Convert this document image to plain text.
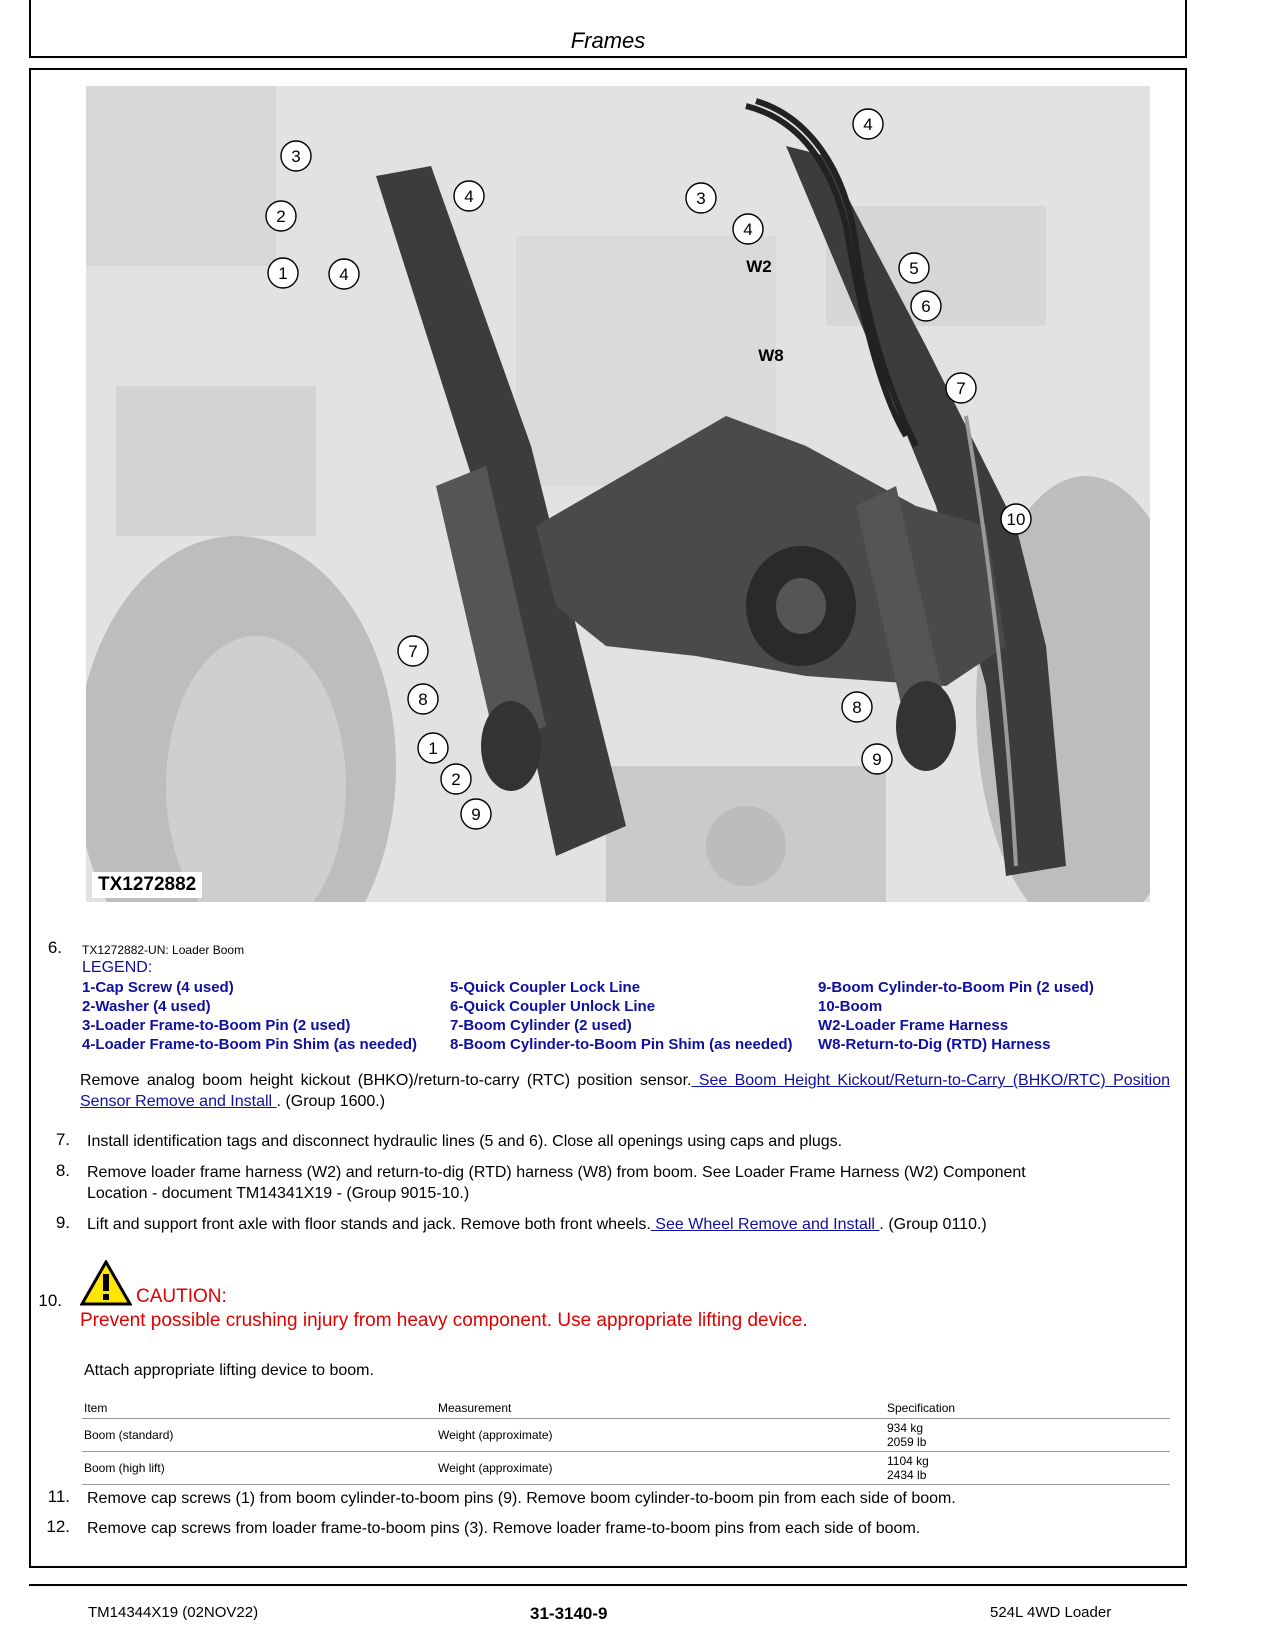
Frames
3
2
1	4
4	3
4
4
5
6
7
10
7
8
1
2
9
8
9
W2
W8
TX1272882
6. TX1272882-UN: Loader Boom
LEGEND:
1-Cap Screw (4 used)
2-Washer (4 used)
3-Loader Frame-to-Boom Pin (2 used)
4-Loader Frame-to-Boom Pin Shim (as needed)
5-Quick Coupler Lock Line
6-Quick Coupler Unlock Line
7-Boom Cylinder (2 used)
8-Boom Cylinder-to-Boom Pin Shim (as needed)
9-Boom Cylinder-to-Boom Pin (2 used)
10-Boom
W2-Loader Frame Harness
W8-Return-to-Dig (RTD) Harness
Remove analog boom height kickout (BHKO)/return-to-carry (RTC) position sensor. See Boom Height Kickout/Return-to-Carry (BHKO/RTC) Position Sensor Remove and Install . (Group 1600.)
7. Install identification tags and disconnect hydraulic lines (5 and 6). Close all openings using caps and plugs.
8. Remove loader frame harness (W2) and return-to-dig (RTD) harness (W8) from boom. See Loader Frame Harness (W2) Component
Location - document TM14341X19 - (Group 9015-10.)
9. Lift and support front axle with floor stands and jack. Remove both front wheels. See Wheel Remove and Install . (Group 0110.)
10.	CAUTION:
Prevent possible crushing injury from heavy component. Use appropriate lifting device.
Attach appropriate lifting device to boom.
Item	Measurement	Specification
Boom (standard)	Weight (approximate)	934 kg
2059 lb

Boom (high lift)	Weight (approximate)	1104 kg
2434 lb
11. Remove cap screws (1) from boom cylinder-to-boom pins (9). Remove boom cylinder-to-boom pin from each side of boom.
12. Remove cap screws from loader frame-to-boom pins (3). Remove loader frame-to-boom pins from each side of boom.
TM14344X19 (02NOV22)	31-3140-9	524L 4WD Loader
